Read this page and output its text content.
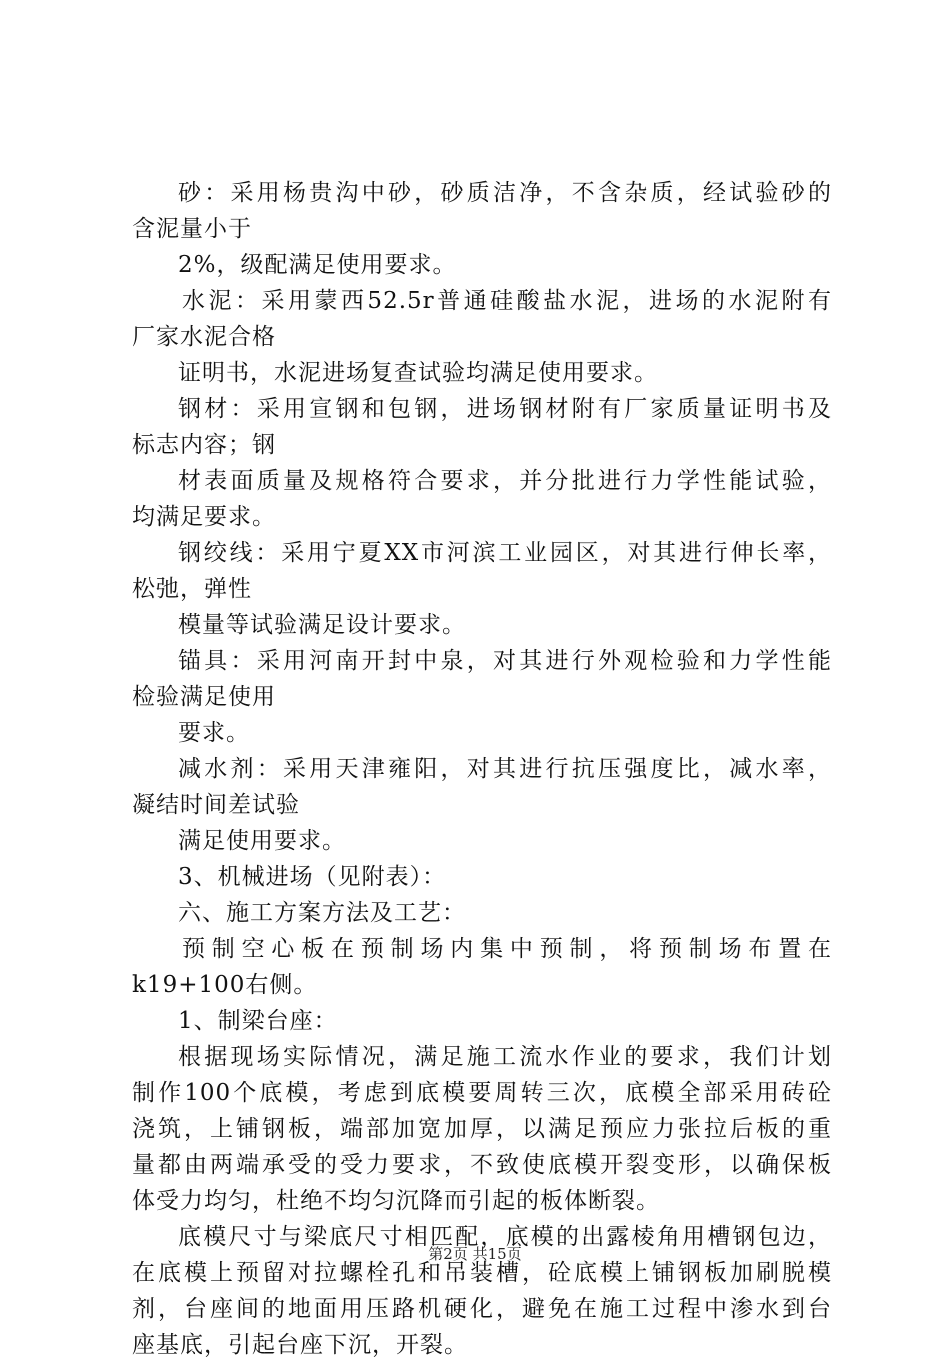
砂：采用杨贵沟中砂，砂质洁净，不含杂质，经试验砂的
含泥量小于
2%，级配满足使用要求。
水泥：采用蒙西52.5r普通硅酸盐水泥，进场的水泥附有
厂家水泥合格
证明书，水泥进场复查试验均满足使用要求。
钢材：采用宣钢和包钢，进场钢材附有厂家质量证明书及
标志内容；钢
材表面质量及规格符合要求，并分批进行力学性能试验，
均满足要求。
钢绞线：采用宁夏XX市河滨工业园区，对其进行伸长率，
松弛，弹性
模量等试验满足设计要求。
锚具：采用河南开封中泉，对其进行外观检验和力学性能
检验满足使用
要求。
减水剂：采用天津雍阳，对其进行抗压强度比，减水率，
凝结时间差试验
满足使用要求。
3、机械进场（见附表）：
六、施工方案方法及工艺：
预制空心板在预制场内集中预制，将预制场布置在
k19+100右侧。
1、制梁台座：
根据现场实际情况，满足施工流水作业的要求，我们计划
制作100个底模，考虑到底模要周转三次，底模全部采用砖砼
浇筑，上铺钢板，端部加宽加厚，以满足预应力张拉后板的重
量都由两端承受的受力要求，不致使底模开裂变形，以确保板
体受力均匀，杜绝不均匀沉降而引起的板体断裂。
底模尺寸与梁底尺寸相匹配，底模的出露棱角用槽钢包边，
在底模上预留对拉螺栓孔和吊装槽，砼底模上铺钢板加刷脱模
剂，台座间的地面用压路机硬化，避免在施工过程中渗水到台
座基底，引起台座下沉，开裂。
第2页 共15页
